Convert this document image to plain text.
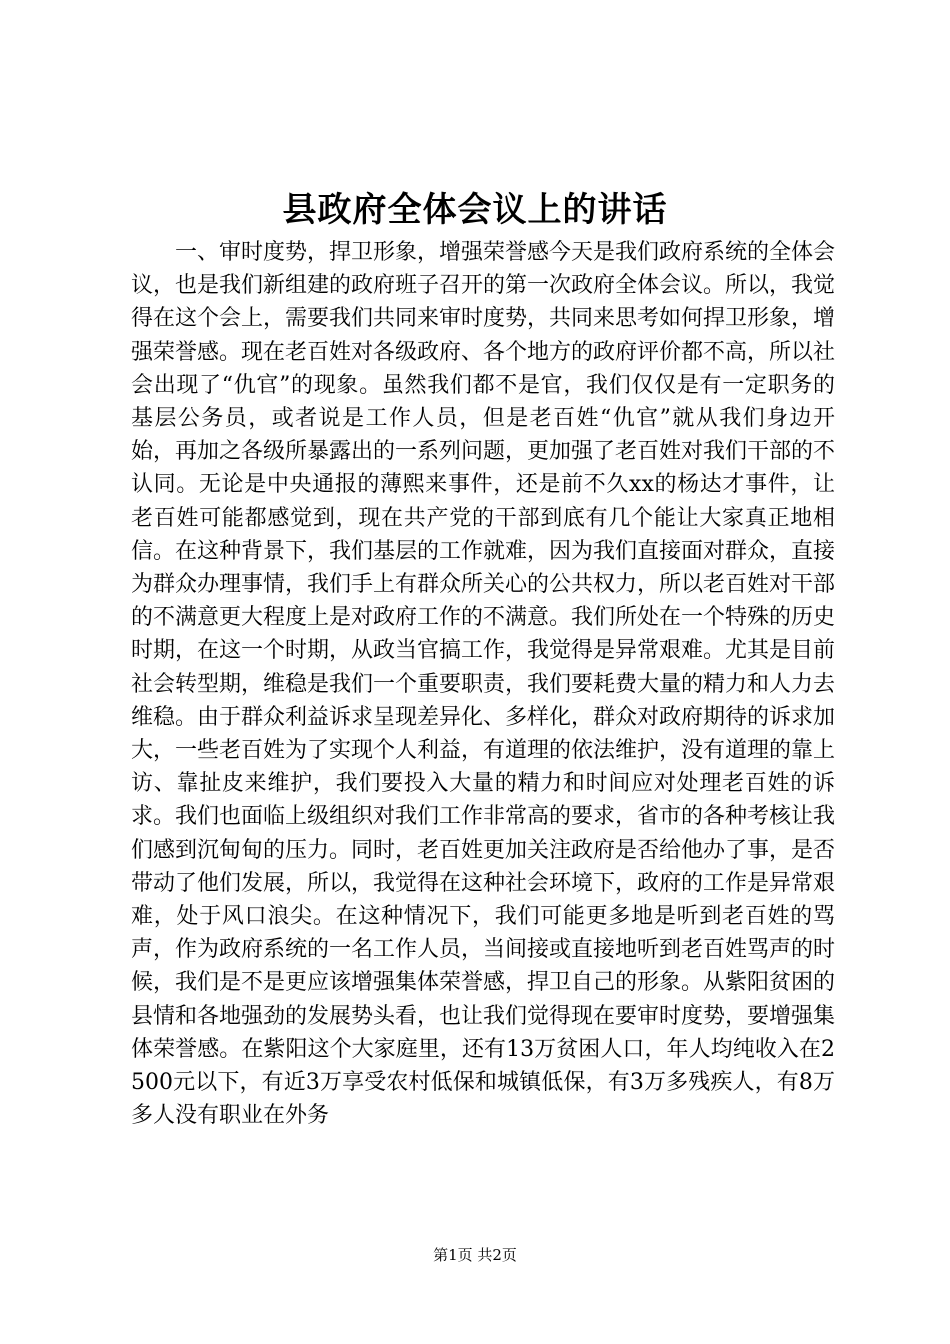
县政府全体会议上的讲话

一、审时度势，捍卫形象，增强荣誉感今天是我们政府系统的全体会议，也是我们新组建的政府班子召开的第一次政府全体会议。所以，我觉得在这个会上，需要我们共同来审时度势，共同来思考如何捍卫形象，增强荣誉感。现在老百姓对各级政府、各个地方的政府评价都不高，所以社会出现了“仇官”的现象。虽然我们都不是官，我们仅仅是有一定职务的基层公务员，或者说是工作人员，但是老百姓“仇官”就从我们身边开始，再加之各级所暴露出的一系列问题，更加强了老百姓对我们干部的不认同。无论是中央通报的薄熙来事件，还是前不久xx的杨达才事件，让老百姓可能都感觉到，现在共产党的干部到底有几个能让大家真正地相信。在这种背景下，我们基层的工作就难，因为我们直接面对群众，直接为群众办理事情，我们手上有群众所关心的公共权力，所以老百姓对干部的不满意更大程度上是对政府工作的不满意。我们所处在一个特殊的历史时期，在这一个时期，从政当官搞工作，我觉得是异常艰难。尤其是目前社会转型期，维稳是我们一个重要职责，我们要耗费大量的精力和人力去维稳。由于群众利益诉求呈现差异化、多样化，群众对政府期待的诉求加大，一些老百姓为了实现个人利益，有道理的依法维护，没有道理的靠上访、靠扯皮来维护，我们要投入大量的精力和时间应对处理老百姓的诉求。我们也面临上级组织对我们工作非常高的要求，省市的各种考核让我们感到沉甸甸的压力。同时，老百姓更加关注政府是否给他办了事，是否带动了他们发展，所以，我觉得在这种社会环境下，政府的工作是异常艰难，处于风口浪尖。在这种情况下，我们可能更多地是听到老百姓的骂声，作为政府系统的一名工作人员，当间接或直接地听到老百姓骂声的时候，我们是不是更应该增强集体荣誉感，捍卫自己的形象。从紫阳贫困的县情和各地强劲的发展势头看，也让我们觉得现在要审时度势，要增强集体荣誉感。在紫阳这个大家庭里，还有13万贫困人口，年人均纯收入在2500元以下，有近3万享受农村低保和城镇低保，有3万多残疾人，有8万多人没有职业在外务

第1页 共2页
